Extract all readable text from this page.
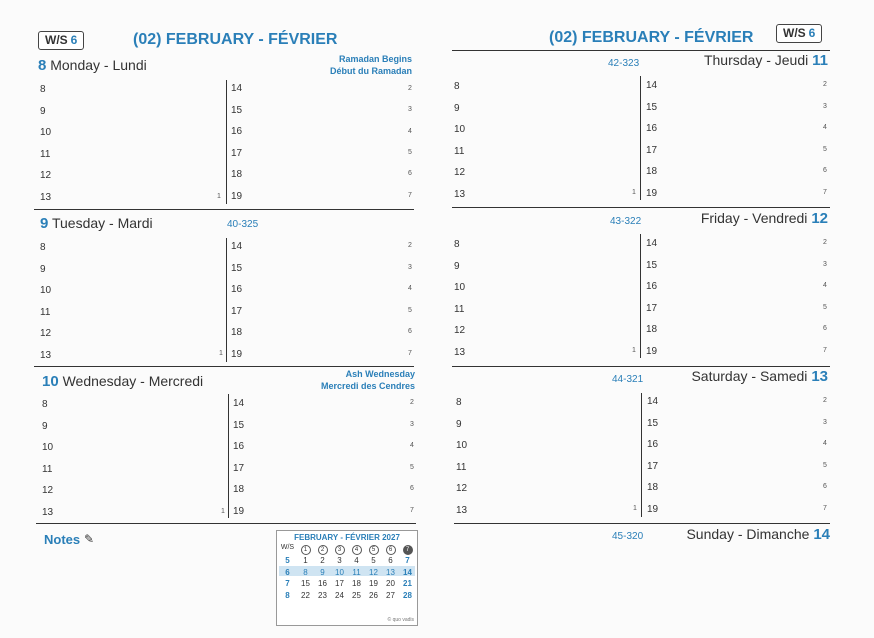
W/S 6	(02) FEBRUARY - FÉVRIER
8 Monday - Lundi	Ramadan Begins
Début du Ramadan
8
9
10
11
12
13	1
14
15
16
17
18
19
2
3
4
5
6
7
9 Tuesday - Mardi	40-325
8
9
10
11
12
13	1
14
15
16
17
18
19
2
3
4
5
6
7
10 Wednesday - Mercredi	Ash Wednesday
Mercredi des Cendres
8
9
10
11
12
13	1
14
15
16
17
18
19
2
3
4
5
6
7
Notes ✎	FEBRUARY - FÉVRIER 2027
W/S	1	2	3	4	5	6	7
5	1	2	3	4	5	6	7
6	8	9	10	11	12	13	14
7	15	16	17	18	19	20	21
8	22	23	24	25	26	27	28
© quo vadis
(02) FEBRUARY - FÉVRIER	W/S 6
42-323	Thursday - Jeudi 11
8
9
10
11
12
13	1
14
15
16
17
18
19
2
3
4
5
6
7
43-322	Friday - Vendredi 12
8
9
10
11
12
13	1
14
15
16
17
18
19
2
3
4
5
6
7
44-321	Saturday - Samedi 13
8
9
10
11
12
13	1
14
15
16
17
18
19
2
3
4
5
6
7
45-320	Sunday - Dimanche 14
